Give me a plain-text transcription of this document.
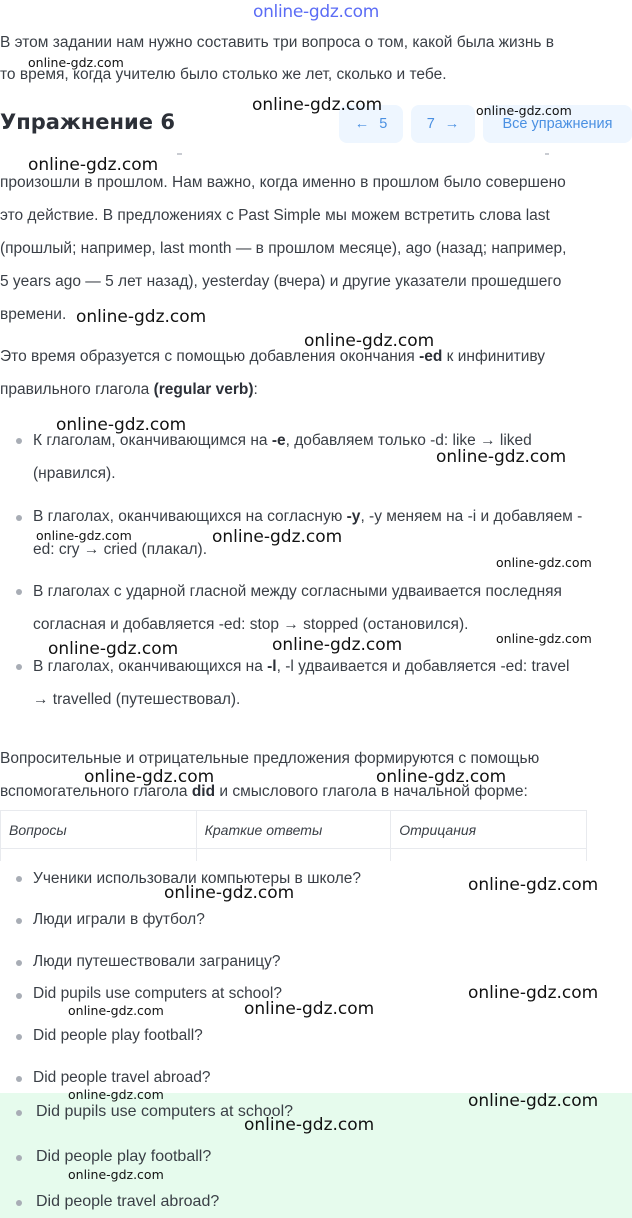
online-gdz.com
В этом задании нам нужно составить три вопроса о том, какой была жизнь в
то время, когда учителю было столько же лет, сколько и тебе.
Упражнение 6	← 5	7 →	Все упражнения
произошли в прошлом. Нам важно, когда именно в прошлом было совершено
это действие. В предложениях с Past Simple мы можем встретить слова last
(прошлый; например, last month — в прошлом месяце), ago (назад; например,
5 years ago — 5 лет назад), yesterday (вчера) и другие указатели прошедшего
времени.
Это время образуется с помощью добавления окончания -ed к инфинитиву
правильного глагола (regular verb):
К глаголам, оканчивающимся на -e, добавляем только -d: like → liked
(нравился).
В глаголах, оканчивающихся на согласную -y, -y меняем на -i и добавляем -
ed: cry → cried (плакал).
В глаголах с ударной гласной между согласными удваивается последняя
согласная и добавляется -ed: stop → stopped (остановился).
В глаголах, оканчивающихся на -l, -l удваивается и добавляется -ed: travel
→ travelled (путешествовал).
Вопросительные и отрицательные предложения формируются с помощью
вспомогательного глагола did и смыслового глагола в начальной форме:
Вопросы	Краткие ответы	Отрицания

Ученики использовали компьютеры в школе?
Люди играли в футбол?
Люди путешествовали заграницу?
Did pupils use computers at school?
Did people play football?
Did people travel abroad?
Did pupils use computers at school?
Did people play football?
Did people travel abroad?
online-gdz.com
online-gdz.com	online-gdz.com
online-gdz.com
online-gdz.com
online-gdz.com
online-gdz.com
online-gdz.com
online-gdz.com	online-gdz.com
online-gdz.com
online-gdz.com
online-gdz.com	online-gdz.com
online-gdz.com	online-gdz.com
online-gdz.com	online-gdz.com
online-gdz.com
online-gdz.com	online-gdz.com
online-gdz.com	online-gdz.com
online-gdz.com
online-gdz.com
